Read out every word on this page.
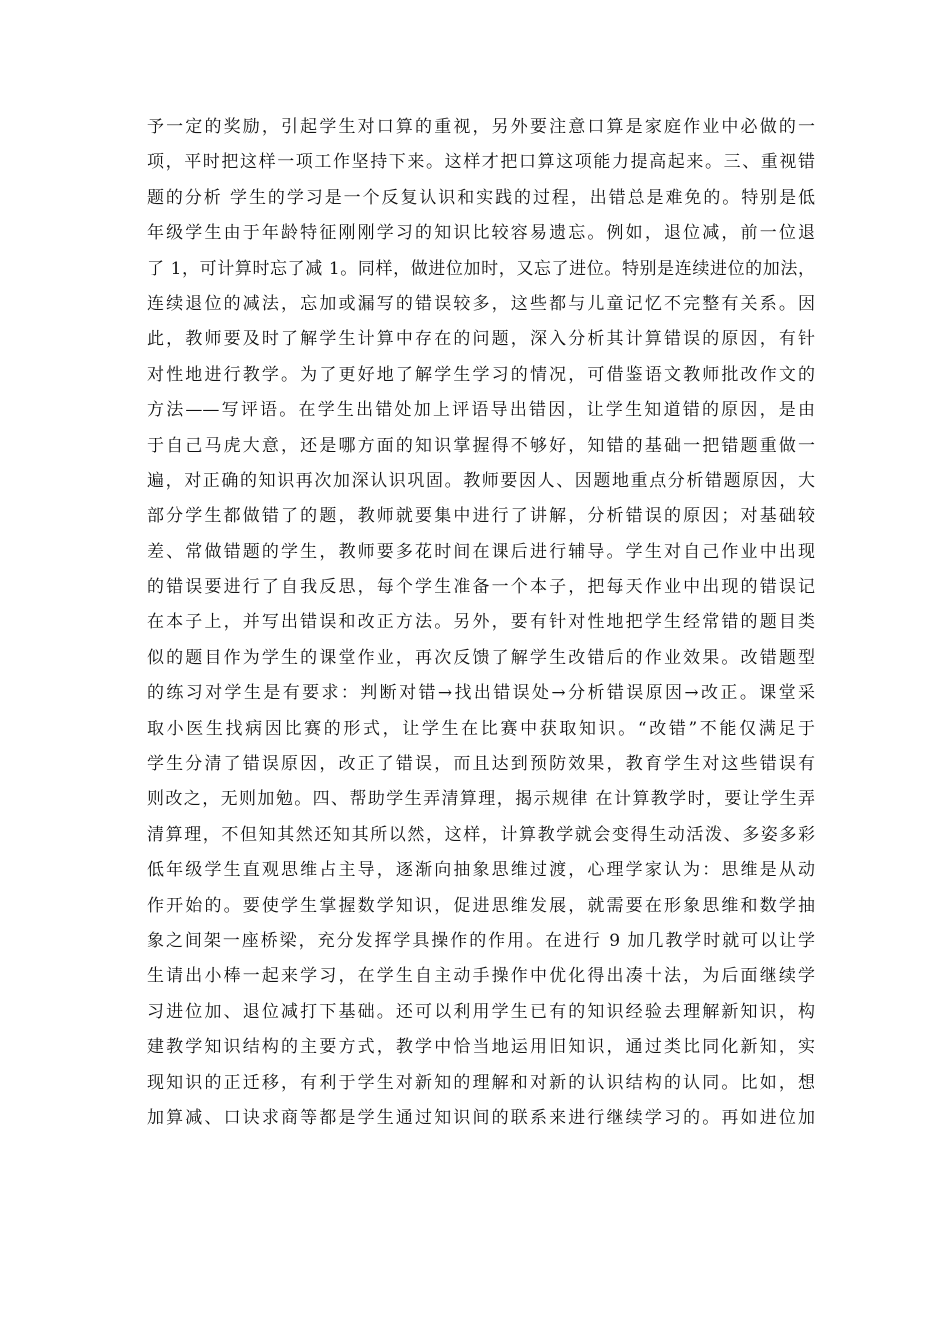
予一定的奖励，引起学生对口算的重视，另外要注意口算是家庭作业中必做的一
项，平时把这样一项工作坚持下来。这样才把口算这项能力提高起来。三、重视错
题的分析 学生的学习是一个反复认识和实践的过程，出错总是难免的。特别是低
年级学生由于年龄特征刚刚学习的知识比较容易遗忘。例如，退位减，前一位退
了 1，可计算时忘了减 1。同样，做进位加时，又忘了进位。特别是连续进位的加法，
连续退位的减法，忘加或漏写的错误较多，这些都与儿童记忆不完整有关系。因
此，教师要及时了解学生计算中存在的问题，深入分析其计算错误的原因，有针
对性地进行教学。为了更好地了解学生学习的情况，可借鉴语文教师批改作文的
方法——写评语。在学生出错处加上评语导出错因，让学生知道错的原因，是由
于自己马虎大意，还是哪方面的知识掌握得不够好，知错的基础一把错题重做一
遍，对正确的知识再次加深认识巩固。教师要因人、因题地重点分析错题原因，大
部分学生都做错了的题，教师就要集中进行了讲解，分析错误的原因；对基础较
差、常做错题的学生，教师要多花时间在课后进行辅导。学生对自己作业中出现
的错误要进行了自我反思，每个学生准备一个本子，把每天作业中出现的错误记
在本子上，并写出错误和改正方法。另外，要有针对性地把学生经常错的题目类
似的题目作为学生的课堂作业，再次反馈了解学生改错后的作业效果。改错题型
的练习对学生是有要求：判断对错→找出错误处→分析错误原因→改正。课堂采
取小医生找病因比赛的形式，让学生在比赛中获取知识。“改错”不能仅满足于
学生分清了错误原因，改正了错误，而且达到预防效果，教育学生对这些错误有
则改之，无则加勉。四、帮助学生弄清算理，揭示规律 在计算教学时，要让学生弄
清算理，不但知其然还知其所以然，这样，计算教学就会变得生动活泼、多姿多彩
低年级学生直观思维占主导，逐渐向抽象思维过渡，心理学家认为：思维是从动
作开始的。要使学生掌握数学知识，促进思维发展，就需要在形象思维和数学抽
象之间架一座桥梁，充分发挥学具操作的作用。在进行 9 加几教学时就可以让学
生请出小棒一起来学习，在学生自主动手操作中优化得出凑十法，为后面继续学
习进位加、退位减打下基础。还可以利用学生已有的知识经验去理解新知识，构
建教学知识结构的主要方式，教学中恰当地运用旧知识，通过类比同化新知，实
现知识的正迁移，有利于学生对新知的理解和对新的认识结构的认同。比如，想
加算减、口诀求商等都是学生通过知识间的联系来进行继续学习的。再如进位加
